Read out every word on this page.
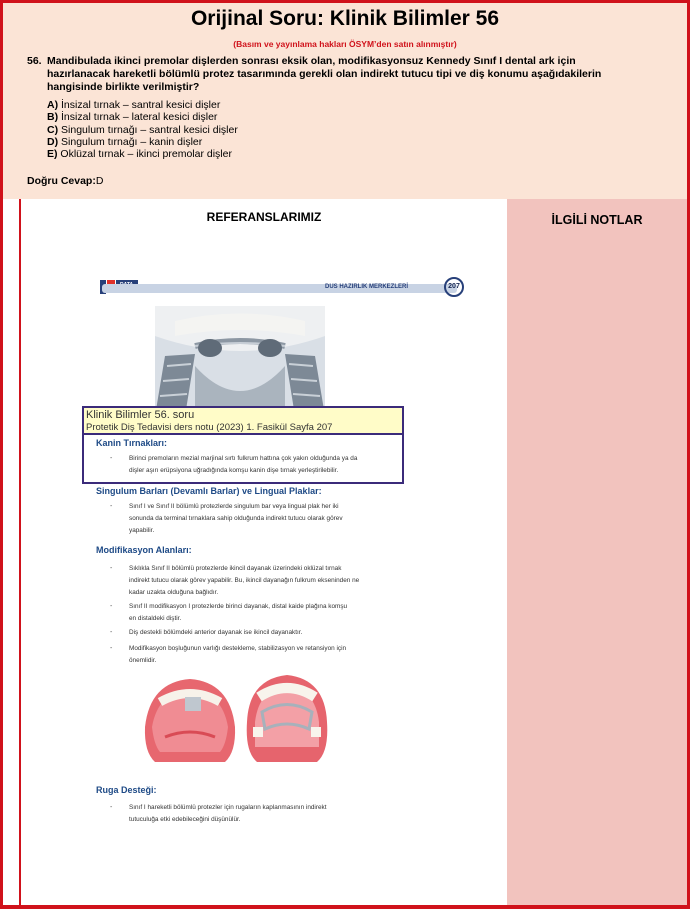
Orijinal Soru: Klinik Bilimler 56
(Basım ve yayınlama hakları ÖSYM’den satın alınmıştır)
56. Mandibulada ikinci premolar dişlerden sonrası eksik olan, modifikasyonsuz Kennedy Sınıf I dental ark için hazırlanacak hareketli bölümlü protez tasarımında gerekli olan indirekt tutucu tipi ve diş konumu aşağıdakilerin hangisinde birlikte verilmiştir?
A) İnsizal tırnak – santral kesici dişler
B) İnsizal tırnak – lateral kesici dişler
C) Singulum tırnağı – santral kesici dişler
D) Singulum tırnağı – kanin dişler
E) Oklüzal tırnak – ikinci premolar dişler
Doğru Cevap:D
REFERANSLARIMIZ	İLGİLİ NOTLAR
DUS HAZIRLIK MERKEZLERİ	207
Kanin Tırnakları:
-	Birinci premoların mezial marjinal sırtı fulkrum hattına çok yakın olduğunda ya da
dişler aşırı erüpsiyona uğradığında komşu kanin dişe tırnak yerleştirilebilir.
Singulum Barları (Devamlı Barlar) ve Lingual Plaklar:
-	Sınıf I ve Sınıf II bölümlü protezlerde singulum bar veya lingual plak her iki
sonunda da terminal tırnaklara sahip olduğunda indirekt tutucu olarak görev
yapabilir.
Modifikasyon Alanları:
-	Sıklıkla Sınıf II bölümlü protezlerde ikincil dayanak üzerindeki oklüzal tırnak
indirekt tutucu olarak görev yapabilir. Bu, ikincil dayanağın fulkrum ekseninden ne
kadar uzakta olduğuna bağlıdır.
-	Sınıf II modifikasyon I protezlerde birinci dayanak, distal kaide plağına komşu
en distaldeki diştir.
-	Diş destekli bölümdeki anterior dayanak ise ikincil dayanaktır.
-	Modifikasyon boşluğunun varlığı destekleme, stabilizasyon ve retansiyon için
önemlidir.
Ruga Desteği:
-	Sınıf I hareketli bölümlü protezler için rugaların kaplanmasının indirekt
tutuculuğa etki edebileceğini düşünülür.
Klinik Bilimler 56. soru
Protetik Diş Tedavisi ders notu (2023) 1. Fasikül Sayfa 207
